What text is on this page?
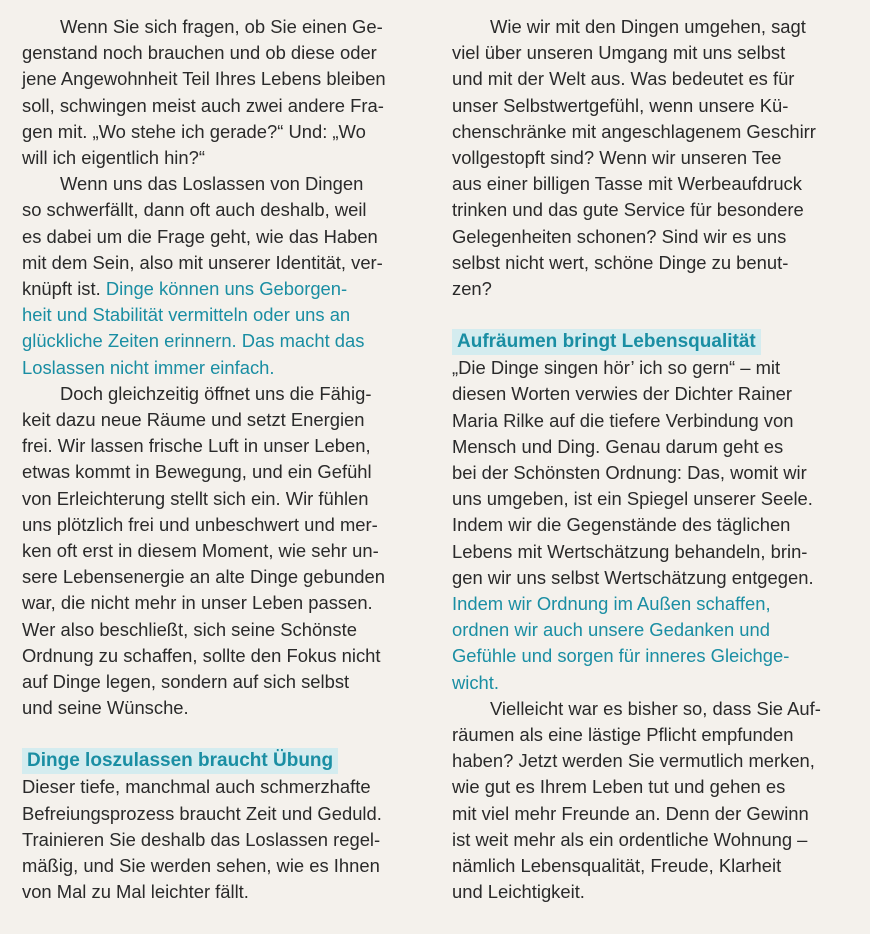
Wenn Sie sich fragen, ob Sie einen Ge-
genstand noch brauchen und ob diese oder
jene Angewohnheit Teil Ihres Lebens bleiben
soll, schwingen meist auch zwei andere Fra-
gen mit. „Wo stehe ich gerade?“ Und: „Wo
will ich eigentlich hin?“
Wenn uns das Loslassen von Dingen
so schwerfällt, dann oft auch deshalb, weil
es dabei um die Frage geht, wie das Haben
mit dem Sein, also mit unserer Identität, ver-
knüpft ist. Dinge können uns Geborgen-
heit und Stabilität vermitteln oder uns an
glückliche Zeiten erinnern. Das macht das
Loslassen nicht immer einfach.
Doch gleichzeitig öffnet uns die Fähig-
keit dazu neue Räume und setzt Energien
frei. Wir lassen frische Luft in unser Leben,
etwas kommt in Bewegung, und ein Gefühl
von Erleichterung stellt sich ein. Wir fühlen
uns plötzlich frei und unbeschwert und mer-
ken oft erst in diesem Moment, wie sehr un-
sere Lebensenergie an alte Dinge gebunden
war, die nicht mehr in unser Leben passen.
Wer also beschließt, sich seine Schönste
Ordnung zu schaffen, sollte den Fokus nicht
auf Dinge legen, sondern auf sich selbst
und seine Wünsche.
Dinge loszulassen braucht Übung
Dieser tiefe, manchmal auch schmerzhafte
Befreiungsprozess braucht Zeit und Geduld.
Trainieren Sie deshalb das Loslassen regel-
mäßig, und Sie werden sehen, wie es Ihnen
von Mal zu Mal leichter fällt.
Wie wir mit den Dingen umgehen, sagt
viel über unseren Umgang mit uns selbst
und mit der Welt aus. Was bedeutet es für
unser Selbstwertgefühl, wenn unsere Kü-
chenschränke mit angeschlagenem Geschirr
vollgestopft sind? Wenn wir unseren Tee
aus einer billigen Tasse mit Werbeaufdruck
trinken und das gute Service für besondere
Gelegenheiten schonen? Sind wir es uns
selbst nicht wert, schöne Dinge zu benut-
zen?
Aufräumen bringt Lebensqualität
„Die Dinge singen hör’ ich so gern“ – mit
diesen Worten verwies der Dichter Rainer
Maria Rilke auf die tiefere Verbindung von
Mensch und Ding. Genau darum geht es
bei der Schönsten Ordnung: Das, womit wir
uns umgeben, ist ein Spiegel unserer Seele.
Indem wir die Gegenstände des täglichen
Lebens mit Wertschätzung behandeln, brin-
gen wir uns selbst Wertschätzung entgegen.
Indem wir Ordnung im Außen schaffen,
ordnen wir auch unsere Gedanken und
Gefühle und sorgen für inneres Gleichge-
wicht.
Vielleicht war es bisher so, dass Sie Auf-
räumen als eine lästige Pflicht empfunden
haben? Jetzt werden Sie vermutlich merken,
wie gut es Ihrem Leben tut und gehen es
mit viel mehr Freunde an. Denn der Gewinn
ist weit mehr als ein ordentliche Wohnung –
nämlich Lebensqualität, Freude, Klarheit
und Leichtigkeit.
